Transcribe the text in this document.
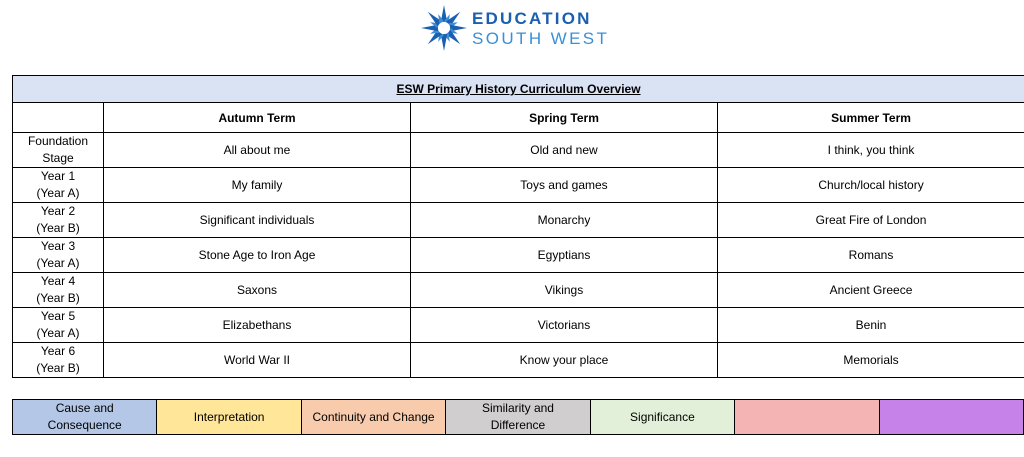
EDUCATION
SOUTH WEST
ESW Primary History Curriculum Overview			
	Autumn Term	Spring Term	Summer Term

Foundation
Stage	All about me	Old and new	I think, you think

Year 1
(Year A)	My family	Toys and games	Church/local history

Year 2
(Year B)	Significant individuals	Monarchy	Great Fire of London

Year 3
(Year A)	Stone Age to Iron Age	Egyptians	Romans

Year 4
(Year B)	Saxons	Vikings	Ancient Greece

Year 5
(Year A)	Elizabethans	Victorians	Benin

Year 6
(Year B)	World War II	Know your place	Memorials
Cause and
Consequence

Interpretation	Continuity and Change

Similarity and
Difference

Significance
